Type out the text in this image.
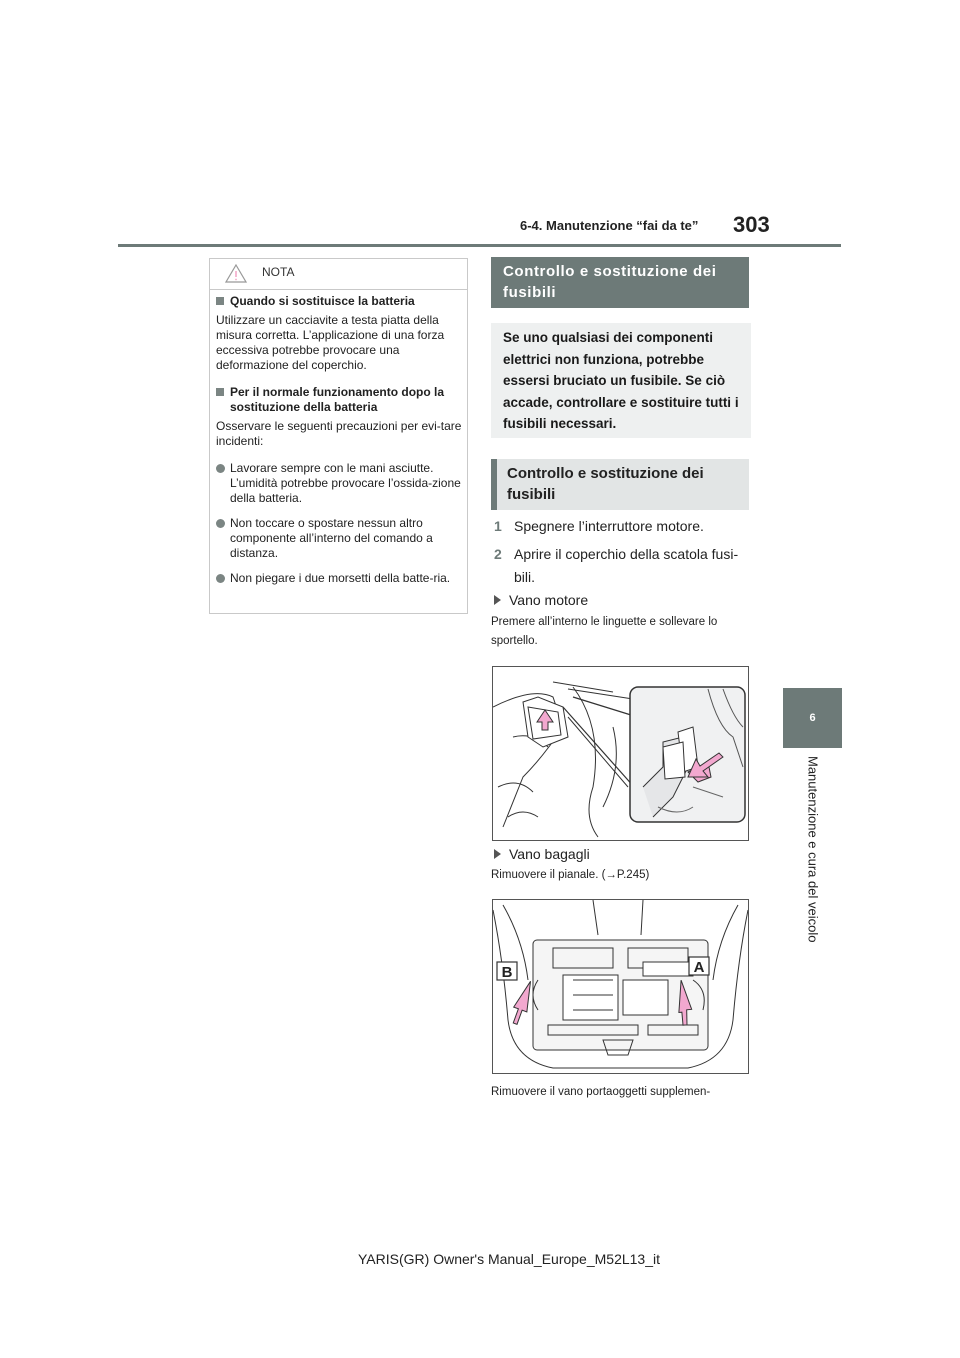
6-4. Manutenzione “fai da te” 303
6
Manutenzione e cura del veicolo
NOTA
Quando si sostituisce la batteria

Utilizzare un cacciavite a testa piatta della misura corretta. L’applicazione di una forza eccessiva potrebbe provocare una deformazione del coperchio.

Per il normale funzionamento dopo la sostituzione della batteria

Osservare le seguenti precauzioni per evi-tare incidenti:

Lavorare sempre con le mani asciutte. L’umidità potrebbe provocare l’ossida-zione della batteria.
Non toccare o spostare nessun altro componente all’interno del comando a distanza.
Non piegare i due morsetti della batte-ria.
Controllo e sostituzione dei fusibili
Se uno qualsiasi dei componenti elettrici non funziona, potrebbe essersi bruciato un fusibile. Se ciò accade, controllare e sostituire tutti i fusibili necessari.
Controllo e sostituzione dei fusibili
1 Spegnere l’interruttore motore.
2 Aprire il coperchio della scatola fusi-bili.
Vano motore
Premere all’interno le linguette e sollevare lo sportello.
Vano bagagli
Rimuovere il pianale. (→P.245)
B	A
Rimuovere il vano portaoggetti supplemen-
YARIS(GR) Owner's Manual_Europe_M52L13_it
